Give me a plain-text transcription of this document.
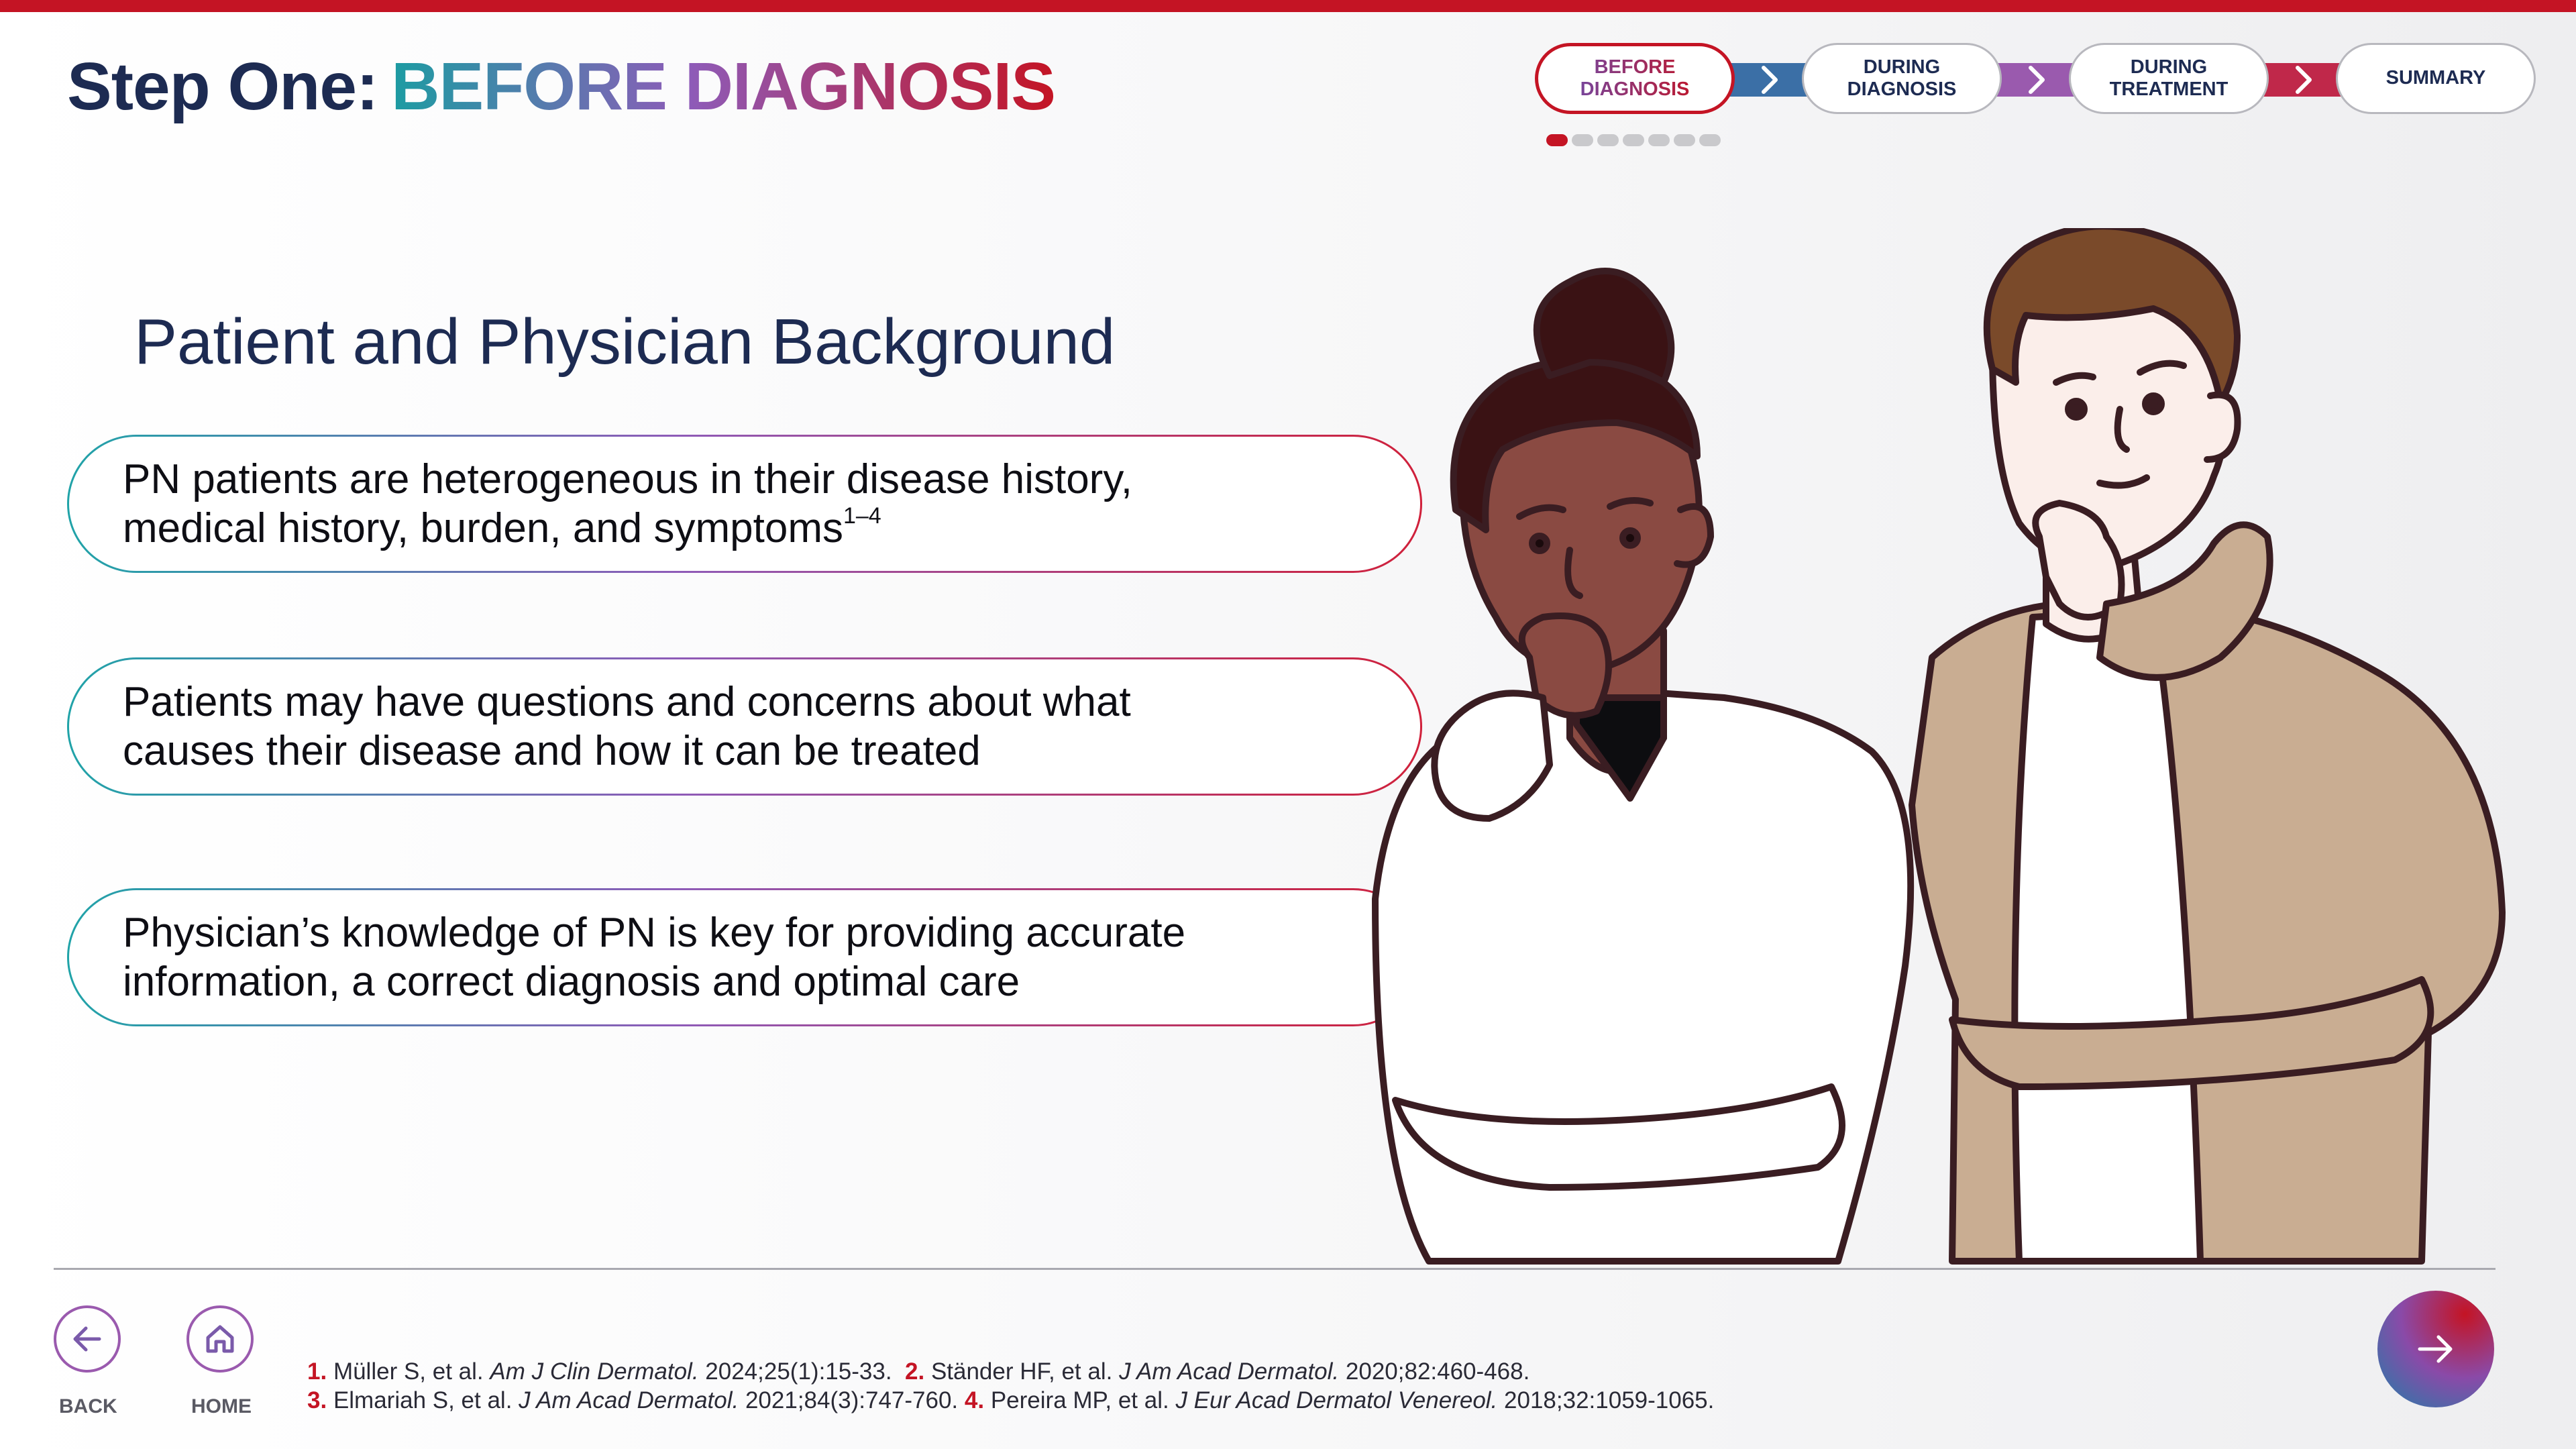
Step One: BEFORE DIAGNOSIS	BEFORE DIAGNOSIS
DURING DIAGNOSIS
DURING TREATMENT
SUMMARY
Patient and Physician Background
PN patients are heterogeneous in their disease history,
medical history, burden, and symptoms$^{1-4}$
Patients may have questions and concerns about what
causes their disease and how it can be treated
Physician’s knowledge of PN is key for providing accurate
information, a correct diagnosis and optimal care
BACK	HOME
1. Müller S, et al. Am J Clin Dermatol. 2024;25(1):15-33. 2. Ständer HF, et al. J Am Acad Dermatol. 2020;82:460-468.
3. Elmariah S, et al. J Am Acad Dermatol. 2021;84(3):747-760. 4. Pereira MP, et al. J Eur Acad Dermatol Venereol. 2018;32:1059-1065.
